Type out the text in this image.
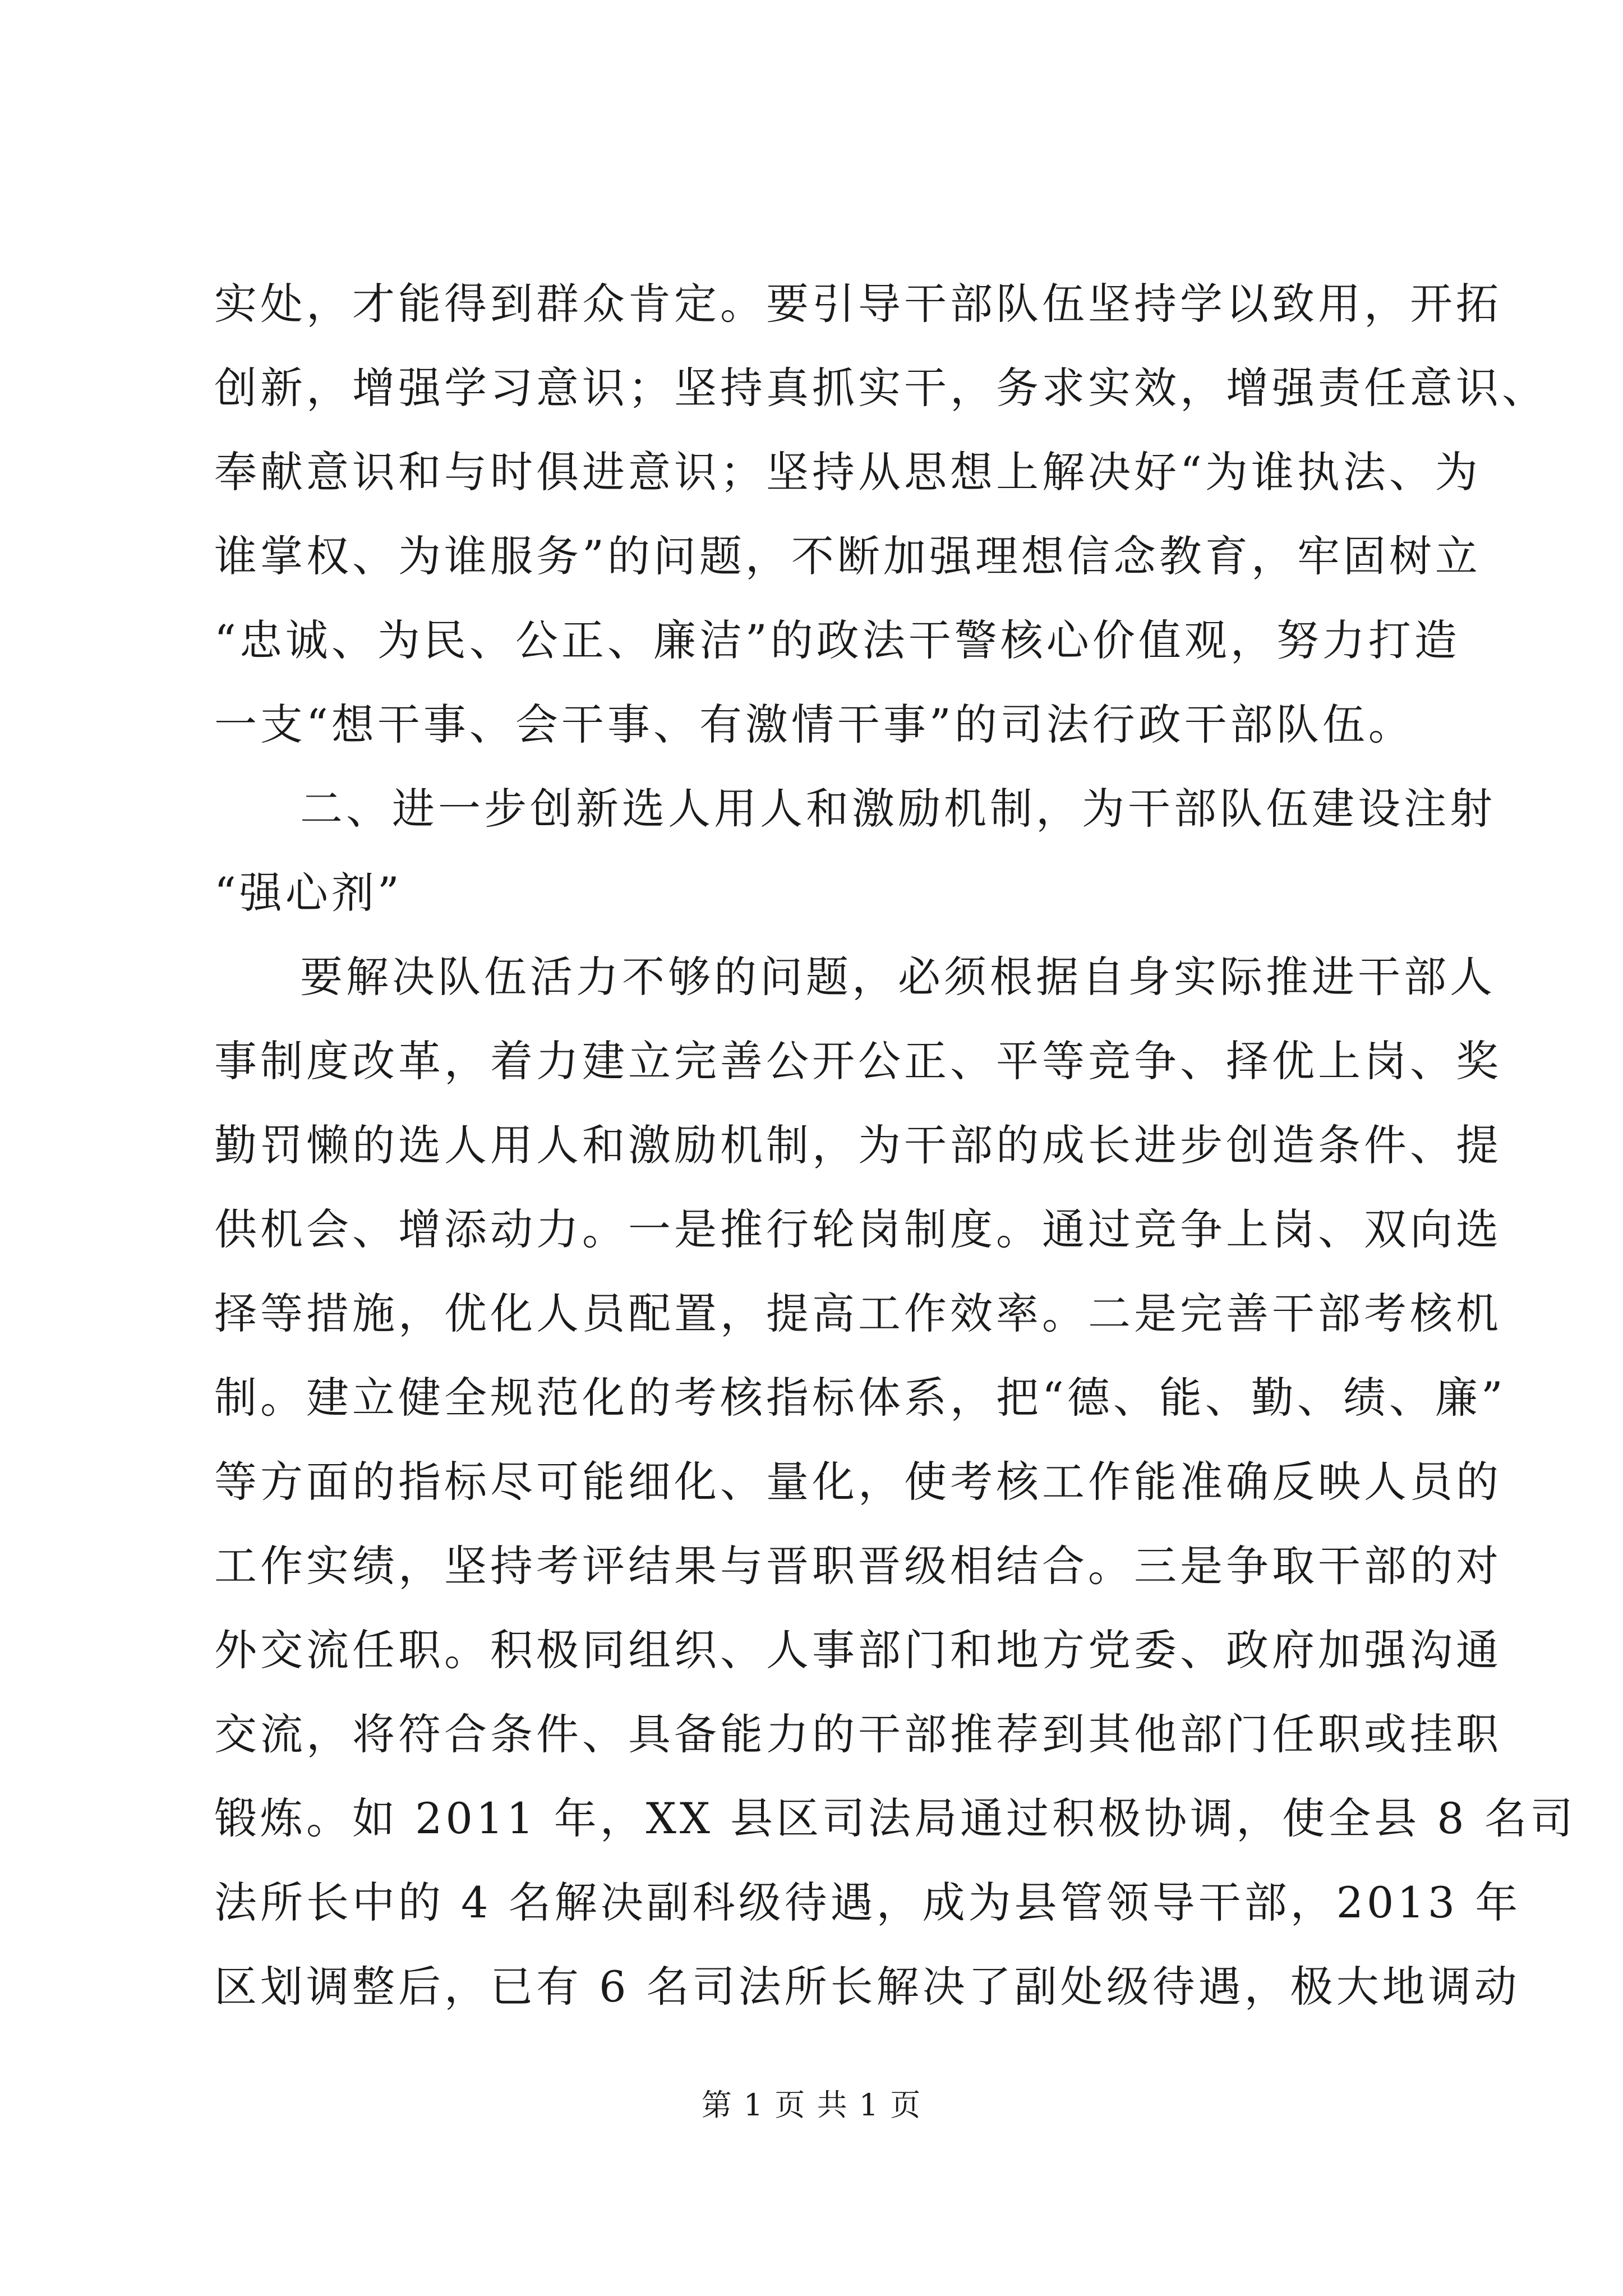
实处，才能得到群众肯定。要引导干部队伍坚持学以致用，开拓
创新，增强学习意识；坚持真抓实干，务求实效，增强责任意识、
奉献意识和与时俱进意识；坚持从思想上解决好“为谁执法、为
谁掌权、为谁服务”的问题，不断加强理想信念教育，牢固树立
“忠诚、为民、公正、廉洁”的政法干警核心价值观，努力打造
一支“想干事、会干事、有激情干事”的司法行政干部队伍。
二、进一步创新选人用人和激励机制，为干部队伍建设注射
“强心剂”
要解决队伍活力不够的问题，必须根据自身实际推进干部人
事制度改革，着力建立完善公开公正、平等竞争、择优上岗、奖
勤罚懒的选人用人和激励机制，为干部的成长进步创造条件、提
供机会、增添动力。一是推行轮岗制度。通过竞争上岗、双向选
择等措施，优化人员配置，提高工作效率。二是完善干部考核机
制。建立健全规范化的考核指标体系，把“德、能、勤、绩、廉”
等方面的指标尽可能细化、量化，使考核工作能准确反映人员的
工作实绩，坚持考评结果与晋职晋级相结合。三是争取干部的对
外交流任职。积极同组织、人事部门和地方党委、政府加强沟通
交流，将符合条件、具备能力的干部推荐到其他部门任职或挂职
锻炼。如 2011 年，XX 县区司法局通过积极协调，使全县 8 名司
法所长中的 4 名解决副科级待遇，成为县管领导干部，2013 年
区划调整后，已有 6 名司法所长解决了副处级待遇，极大地调动
第 1 页 共 1 页
